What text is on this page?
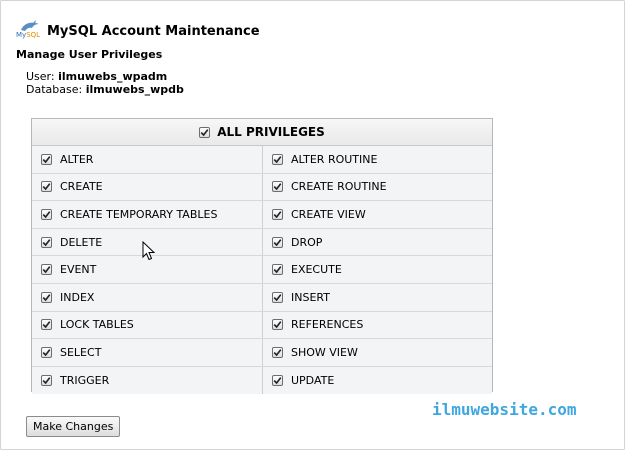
MySQL MySQL Account Maintenance
Manage User Privileges
User: ilmuwebs_wpadm
Database: ilmuwebs_wpdb
ALL PRIVILEGES
ALTER	ALTER ROUTINE
CREATE	CREATE ROUTINE
CREATE TEMPORARY TABLES	CREATE VIEW
DELETE	DROP
EVENT	EXECUTE
INDEX	INSERT
LOCK TABLES	REFERENCES
SELECT	SHOW VIEW
TRIGGER	UPDATE
Make Changes
ilmuwebsite.com
